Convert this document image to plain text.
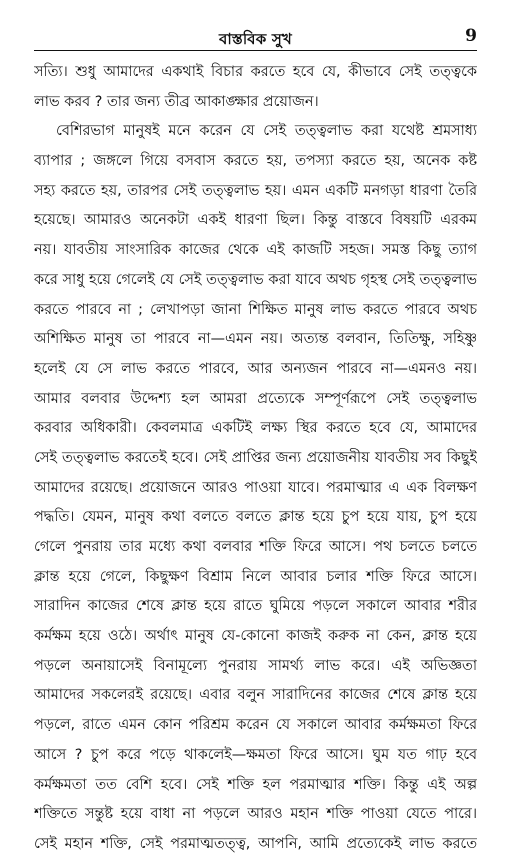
বাস্তবিক সুখ	9
সত্যি। শুধু আমাদের একথাই বিচার করতে হবে যে, কীভাবে সেই তত্ত্বকে
লাভ করব ? তার জন্য তীব্র আকাঙ্ক্ষার প্রয়োজন।
বেশিরভাগ মানুষই মনে করেন যে সেই তত্ত্বলাভ করা যথেষ্ট শ্রমসাধ্য
ব্যাপার ; জঙ্গলে গিয়ে বসবাস করতে হয়, তপস্যা করতে হয়, অনেক কষ্ট
সহ্য করতে হয়, তারপর সেই তত্ত্বলাভ হয়। এমন একটি মনগড়া ধারণা তৈরি
হয়েছে। আমারও অনেকটা একই ধারণা ছিল। কিন্তু বাস্তবে বিষয়টি এরকম
নয়। যাবতীয় সাংসারিক কাজের থেকে এই কাজটি সহজ। সমস্ত কিছু ত্যাগ
করে সাধু হয়ে গেলেই যে সেই তত্ত্বলাভ করা যাবে অথচ গৃহস্থ সেই তত্ত্বলাভ
করতে পারবে না ; লেখাপড়া জানা শিক্ষিত মানুষ লাভ করতে পারবে অথচ
অশিক্ষিত মানুষ তা পারবে না—এমন নয়। অত্যন্ত বলবান, তিতিক্ষু, সহিষ্ণু
হলেই যে সে লাভ করতে পারবে, আর অন্যজন পারবে না—এমনও নয়।
আমার বলবার উদ্দেশ্য হল আমরা প্রত্যেকে সম্পূর্ণরূপে সেই তত্ত্বলাভ
করবার অধিকারী। কেবলমাত্র একটিই লক্ষ্য স্থির করতে হবে যে, আমাদের
সেই তত্ত্বলাভ করতেই হবে। সেই প্রাপ্তির জন্য প্রয়োজনীয় যাবতীয় সব কিছুই
আমাদের রয়েছে। প্রয়োজনে আরও পাওয়া যাবে। পরমাত্মার এ এক বিলক্ষণ
পদ্ধতি। যেমন, মানুষ কথা বলতে বলতে ক্লান্ত হয়ে চুপ হয়ে যায়, চুপ হয়ে
গেলে পুনরায় তার মধ্যে কথা বলবার শক্তি ফিরে আসে। পথ চলতে চলতে
ক্লান্ত হয়ে গেলে, কিছুক্ষণ বিশ্রাম নিলে আবার চলার শক্তি ফিরে আসে।
সারাদিন কাজের শেষে ক্লান্ত হয়ে রাতে ঘুমিয়ে পড়লে সকালে আবার শরীর
কর্মক্ষম হয়ে ওঠে। অর্থাৎ মানুষ যে-কোনো কাজই করুক না কেন, ক্লান্ত হয়ে
পড়লে অনায়াসেই বিনামূল্যে পুনরায় সামর্থ্য লাভ করে। এই অভিজ্ঞতা
আমাদের সকলেরই রয়েছে। এবার বলুন সারাদিনের কাজের শেষে ক্লান্ত হয়ে
পড়লে, রাতে এমন কোন পরিশ্রম করেন যে সকালে আবার কর্মক্ষমতা ফিরে
আসে ? চুপ করে পড়ে থাকলেই—ক্ষমতা ফিরে আসে। ঘুম যত গাঢ় হবে
কর্মক্ষমতা তত বেশি হবে। সেই শক্তি হল পরমাত্মার শক্তি। কিন্তু এই অল্প
শক্তিতে সন্তুষ্ট হয়ে বাধা না পড়লে আরও মহান শক্তি পাওয়া যেতে পারে।
সেই মহান শক্তি, সেই পরমাত্মতত্ত্ব, আপনি, আমি প্রত্যেকেই লাভ করতে
